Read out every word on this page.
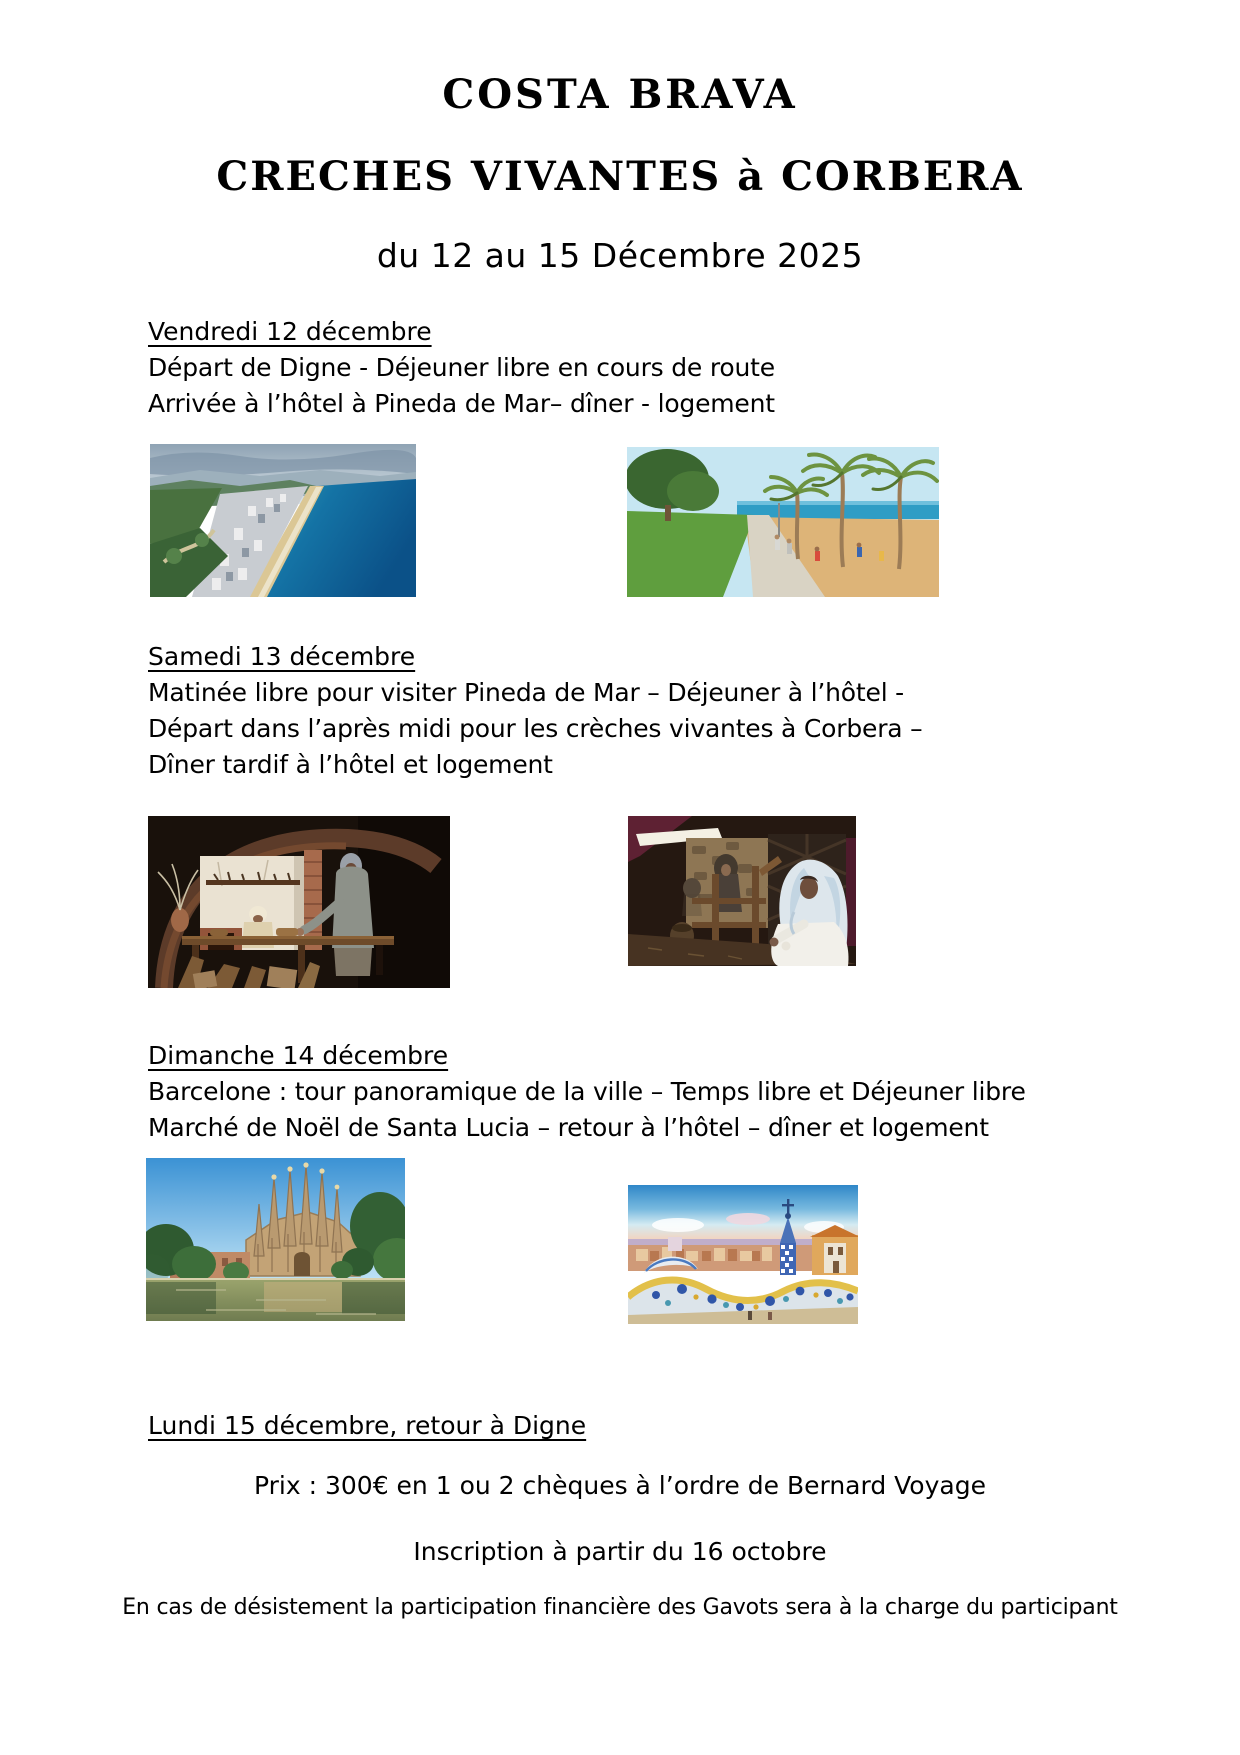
COSTA BRAVA
CRECHES VIVANTES à CORBERA

du 12 au 15 Décembre 2025

Vendredi 12 décembre

Départ de Digne - Déjeuner libre en cours de route

Arrivée à l’hôtel à Pineda de Mar– dîner - logement

Samedi 13 décembre

Matinée libre pour visiter Pineda de Mar – Déjeuner à l’hôtel -

Départ dans l’après midi pour les crèches vivantes à Corbera –

Dîner tardif à l’hôtel et logement

Dimanche 14 décembre

Barcelone : tour panoramique de la ville – Temps libre et Déjeuner libre

Marché de Noël de Santa Lucia – retour à l’hôtel – dîner et logement

Lundi 15 décembre, retour à Digne

Prix : 300€ en 1 ou 2 chèques à l’ordre de Bernard Voyage

Inscription à partir du 16 octobre

En cas de désistement la participation financière des Gavots sera à la charge du participant
